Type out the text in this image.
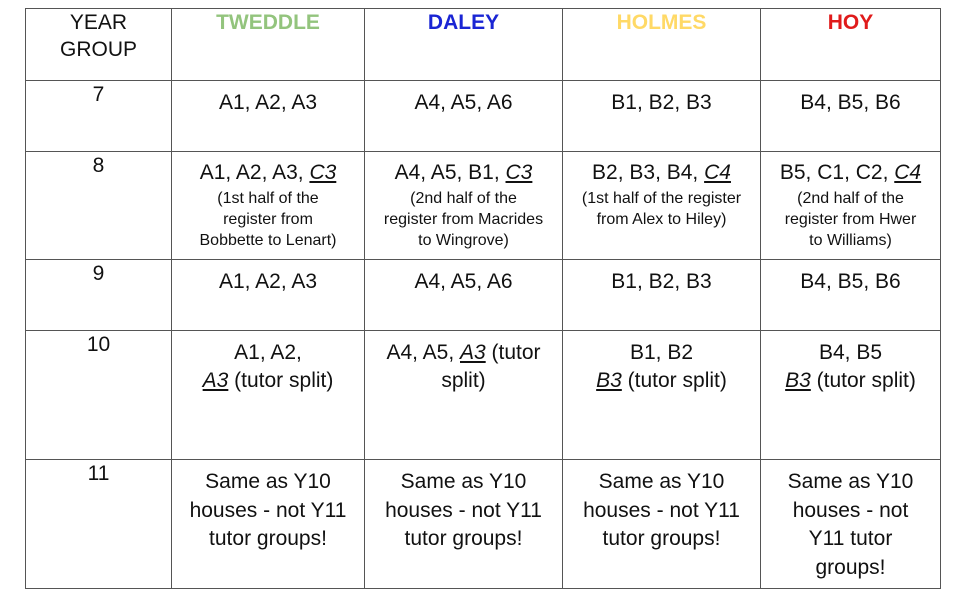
YEAR
GROUP	TWEDDLE	DALEY	HOLMES	HOY
7	A1, A2, A3	A4, A5, A6	B1, B2, B3	B4, B5, B6

8	A1, A2, A3, C3
(1st half of the
register from
Bobbette to Lenart)	A4, A5, B1, C3
(2nd half of the
register from Macrides
to Wingrove)	B2, B3, B4, C4
(1st half of the register
from Alex to Hiley)	B5, C1, C2, C4
(2nd half of the
register from Hwer
to Williams)

9	A1, A2, A3	A4, A5, A6	B1, B2, B3	B4, B5, B6

10	A1, A2,
A3 (tutor split)	A4, A5, A3 (tutor
split)	B1, B2
B3 (tutor split)	B4, B5
B3 (tutor split)

11	Same as Y10
houses - not Y11
tutor groups!	Same as Y10
houses - not Y11
tutor groups!	Same as Y10
houses - not Y11
tutor groups!	Same as Y10
houses - not
Y11 tutor
groups!
